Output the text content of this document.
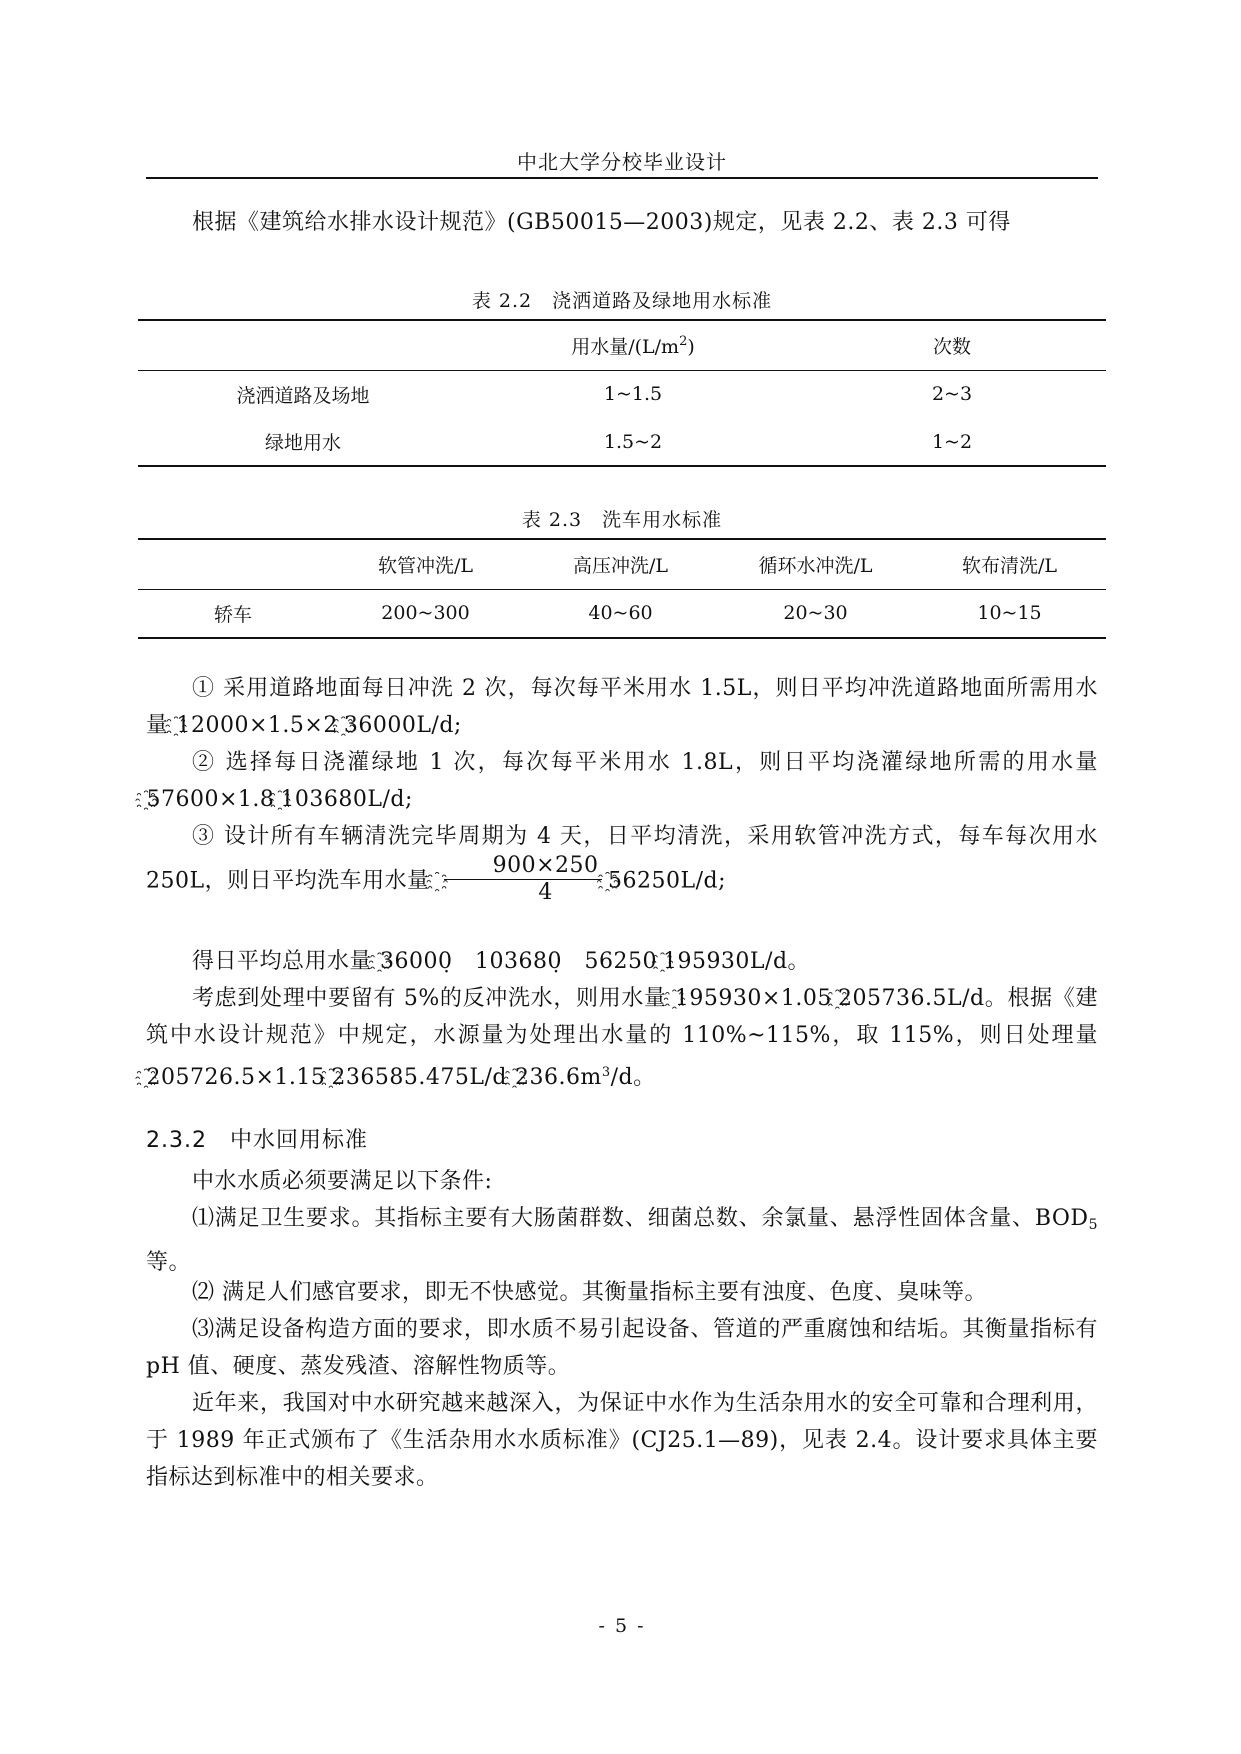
中北大学分校毕业设计

根据《建筑给水排水设计规范》(GB50015—2003)规定，见表 2.2、表 2.3 可得

表 2.2　浇洒道路及绿地用水标准
	用水量$/(L/m^2)$	次数
浇洒道路及场地	1~1.5	2~3
绿地用水	1.5~2	1~2
表 2.3　洗车用水标准
	软管冲洗/L	高压冲洗/L	循环水冲洗/L	软布清洗/L
轿车	200~300	40~60	20~30	10~15

① 采用道路地面每日冲洗 2 次，每次每平米用水 1.5L，则日平均冲洗道路地面所需用水量 ҈12000×1.5×2 ҈36000L/d;

② 选择每日浇灌绿地 1 次，每次每平米用水 1.8L，则日平均浇灌绿地所需的用水量 ҈57600×1.8 ҈103680L/d;

③ 设计所有车辆清洗完毕周期为 4 天，日平均清洗，采用软管冲洗方式，每车每次用水 250L，则日平均洗车用水量 ҈ $\frac{900\times 250}{4} ҈56250L/d$;

得日平均总用水量 ҈36000̣　103680̣　56250 ҈195930L/d。

考虑到处理中要留有 5%的反冲洗水，则用水量 ҈195930×1.05 ҈205736.5L/d。根据《建筑中水设计规范》中规定，水源量为处理出水量的 110%~115%，取 115%，则日处理量 ҈205726.5×1.15 ҈236585.475L/d $҈236.6m^3/d$。

2.3.2　中水回用标准

中水水质必须要满足以下条件:

⑴满足卫生要求。其指标主要有大肠菌群数、细菌总数、余氯量、悬浮性固体含量、$BOD_5$等。

⑵ 满足人们感官要求，即无不快感觉。其衡量指标主要有浊度、色度、臭味等。

⑶满足设备构造方面的要求，即水质不易引起设备、管道的严重腐蚀和结垢。其衡量指标有 pH 值、硬度、蒸发残渣、溶解性物质等。

近年来，我国对中水研究越来越深入，为保证中水作为生活杂用水的安全可靠和合理利用，于 1989 年正式颁布了《生活杂用水水质标准》(CJ25.1—89)，见表 2.4。设计要求具体主要指标达到标准中的相关要求。

- 5 -
